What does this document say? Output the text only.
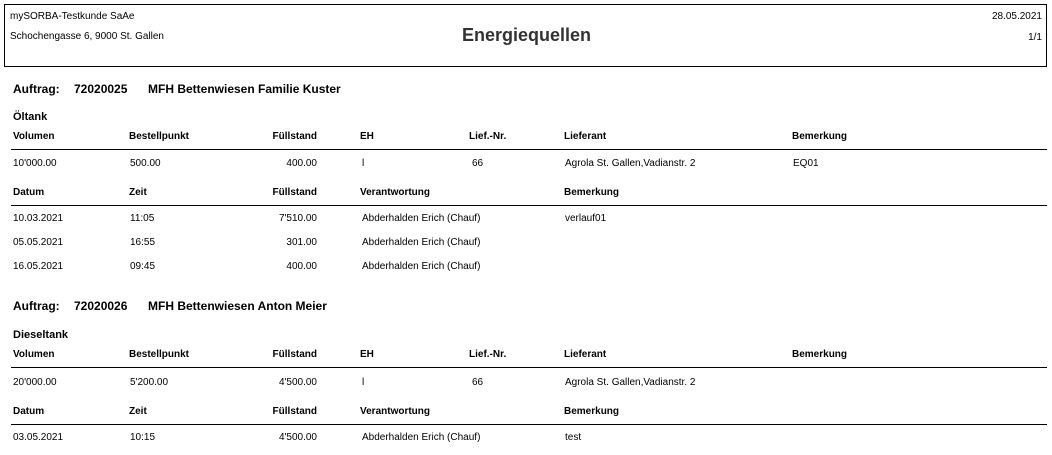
mySORBA-Testkunde SaAe
Schochengasse 6, 9000 St. Gallen	Energiequellen
28.05.2021
1/1
Auftrag: 72020025 MFH Bettenwiesen Familie Kuster
Öltank
Volumen	Bestellpunkt	Füllstand	EH	Lief.-Nr.	Lieferant	Bemerkung
10'000.00	500.00	400.00	l	66	Agrola St. Gallen,Vadianstr. 2	EQ01
Datum	Zeit	Füllstand	Verantwortung	Bemerkung
10.03.2021	11:05	7'510.00	Abderhalden Erich (Chauf)	verlauf01
05.05.2021	16:55	301.00	Abderhalden Erich (Chauf)
16.05.2021	09:45	400.00	Abderhalden Erich (Chauf)
Auftrag: 72020026 MFH Bettenwiesen Anton Meier
Dieseltank
Volumen	Bestellpunkt	Füllstand	EH	Lief.-Nr.	Lieferant	Bemerkung
20'000.00	5'200.00	4'500.00	l	66	Agrola St. Gallen,Vadianstr. 2
Datum	Zeit	Füllstand	Verantwortung	Bemerkung
03.05.2021	10:15	4'500.00	Abderhalden Erich (Chauf)	test
